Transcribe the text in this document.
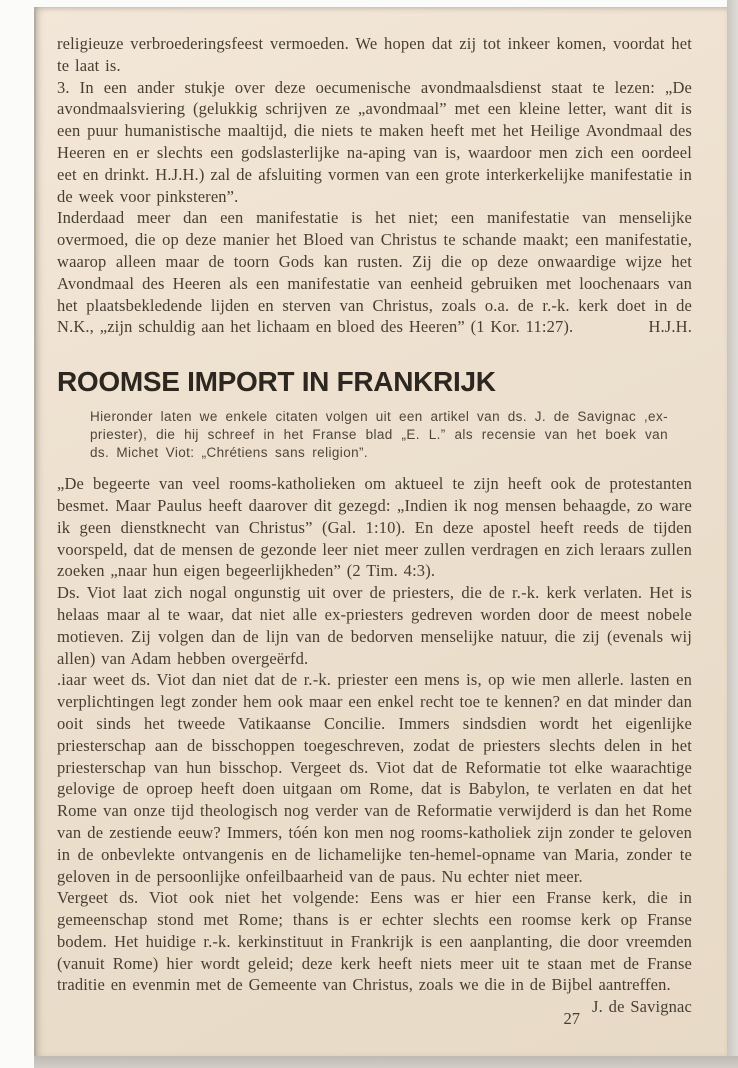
religieuze verbroederingsfeest vermoeden. We hopen dat zij tot inkeer komen, voordat het te laat is.

3. In een ander stukje over deze oecumenische avondmaalsdienst staat te lezen: „De avondmaalsviering (gelukkig schrijven ze „avondmaal” met een kleine letter, want dit is een puur humanistische maaltijd, die niets te maken heeft met het Heilige Avondmaal des Heeren en er slechts een godslasterlijke na-aping van is, waardoor men zich een oordeel eet en drinkt. H.J.H.) zal de afsluiting vormen van een grote interkerkelijke manifestatie in de week voor pinksteren”.

Inderdaad meer dan een manifestatie is het niet; een manifestatie van menselijke overmoed, die op deze manier het Bloed van Christus te schande maakt; een manifestatie, waarop alleen maar de toorn Gods kan rusten. Zij die op deze onwaardige wijze het Avondmaal des Heeren als een manifestatie van eenheid gebruiken met loochenaars van het plaatsbekledende lijden en sterven van Christus, zoals o.a. de r.-k. kerk doet in de N.K., „zijn schuldig aan het lichaam en bloed des Heeren” (1 Kor. 11:27).	H.J.H.

ROOMSE IMPORT IN FRANKRIJK
Hieronder laten we enkele citaten volgen uit een artikel van ds. J. de Savignac ,ex-priester), die hij schreef in het Franse blad „E. L.” als recensie van het boek van ds. Michet Viot: „Chrétiens sans religion”.

„De begeerte van veel rooms-katholieken om aktueel te zijn heeft ook de protestanten besmet. Maar Paulus heeft daarover dit gezegd: „Indien ik nog mensen behaagde, zo ware ik geen dienstknecht van Christus” (Gal. 1:10). En deze apostel heeft reeds de tijden voorspeld, dat de mensen de gezonde leer niet meer zullen verdragen en zich leraars zullen zoeken „naar hun eigen begeerlijkheden” (2 Tim. 4:3).

Ds. Viot laat zich nogal ongunstig uit over de priesters, die de r.-k. kerk verlaten. Het is helaas maar al te waar, dat niet alle ex-priesters gedreven worden door de meest nobele motieven. Zij volgen dan de lijn van de bedorven menselijke natuur, die zij (evenals wij allen) van Adam hebben overgeërfd.

.iaar weet ds. Viot dan niet dat de r.-k. priester een mens is, op wie men allerle. lasten en verplichtingen legt zonder hem ook maar een enkel recht toe te kennen? en dat minder dan ooit sinds het tweede Vatikaanse Concilie. Immers sindsdien wordt het eigenlijke priesterschap aan de bisschoppen toegeschreven, zodat de priesters slechts delen in het priesterschap van hun bisschop. Vergeet ds. Viot dat de Reformatie tot elke waarachtige gelovige de oproep heeft doen uitgaan om Rome, dat is Babylon, te verlaten en dat het Rome van onze tijd theologisch nog verder van de Reformatie verwijderd is dan het Rome van de zestiende eeuw? Immers, tóén kon men nog rooms-katholiek zijn zonder te geloven in de onbevlekte ontvangenis en de lichamelijke ten-hemel-opname van Maria, zonder te geloven in de persoonlijke onfeilbaarheid van de paus. Nu echter niet meer.

Vergeet ds. Viot ook niet het volgende: Eens was er hier een Franse kerk, die in gemeenschap stond met Rome; thans is er echter slechts een roomse kerk op Franse bodem. Het huidige r.-k. kerkinstituut in Frankrijk is een aanplanting, die door vreemden (vanuit Rome) hier wordt geleid; deze kerk heeft niets meer uit te staan met de Franse traditie en evenmin met de Gemeente van Christus, zoals we die in de Bijbel aantreffen.
J. de Savignac

27
